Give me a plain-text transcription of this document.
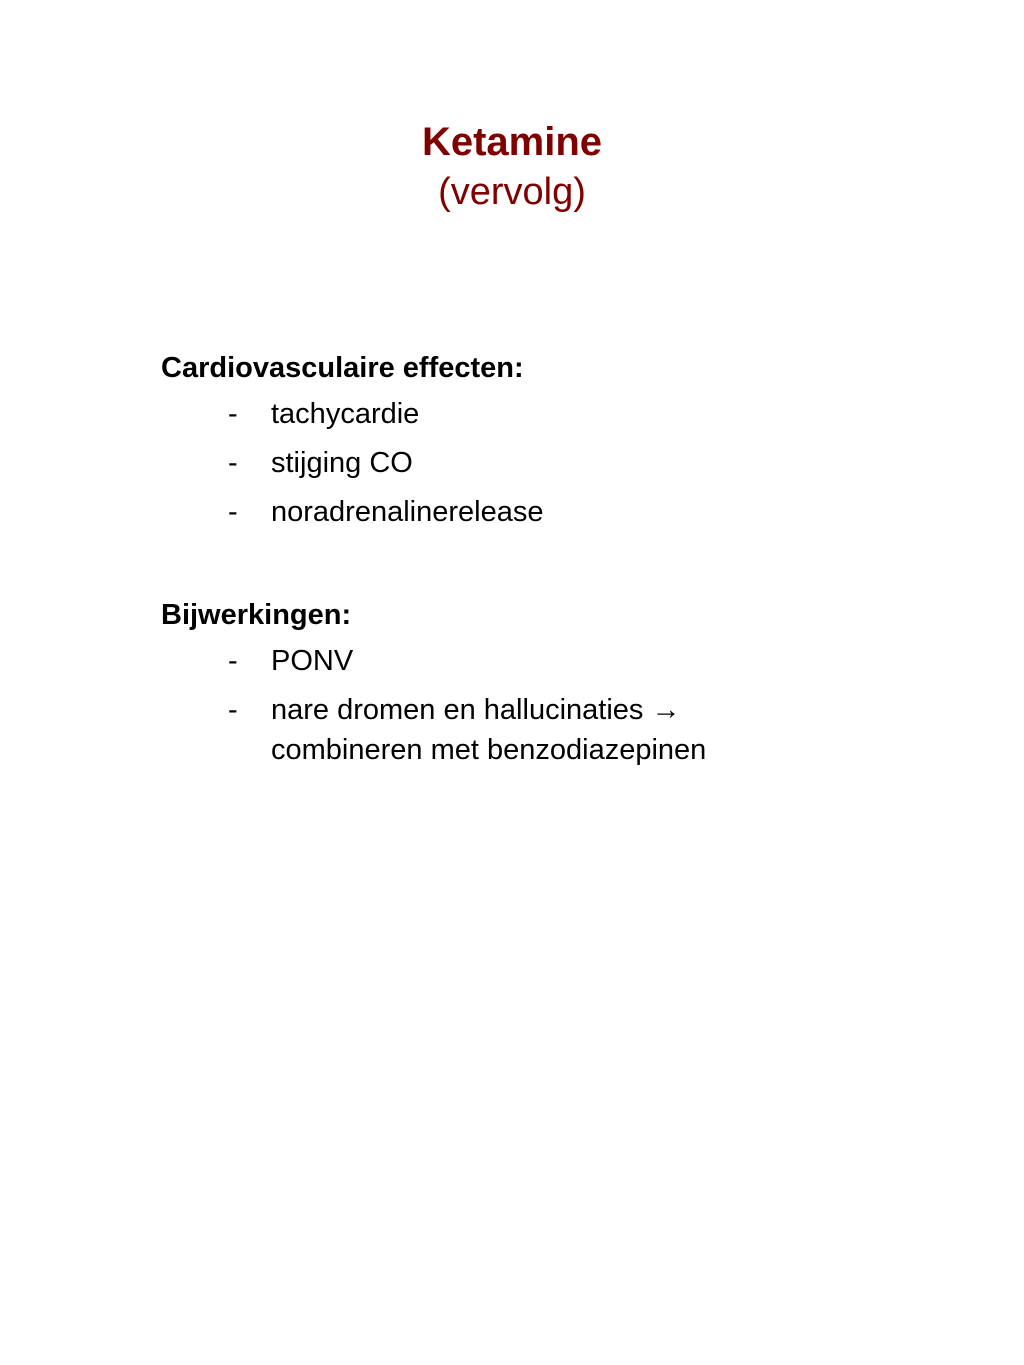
Ketamine

(vervolg)

Cardiovasculaire effecten:

- tachycardie
- stijging CO
- noradrenalinerelease

Bijwerkingen:

- PONV
- nare dromen en hallucinaties → combineren met benzodiazepinen
